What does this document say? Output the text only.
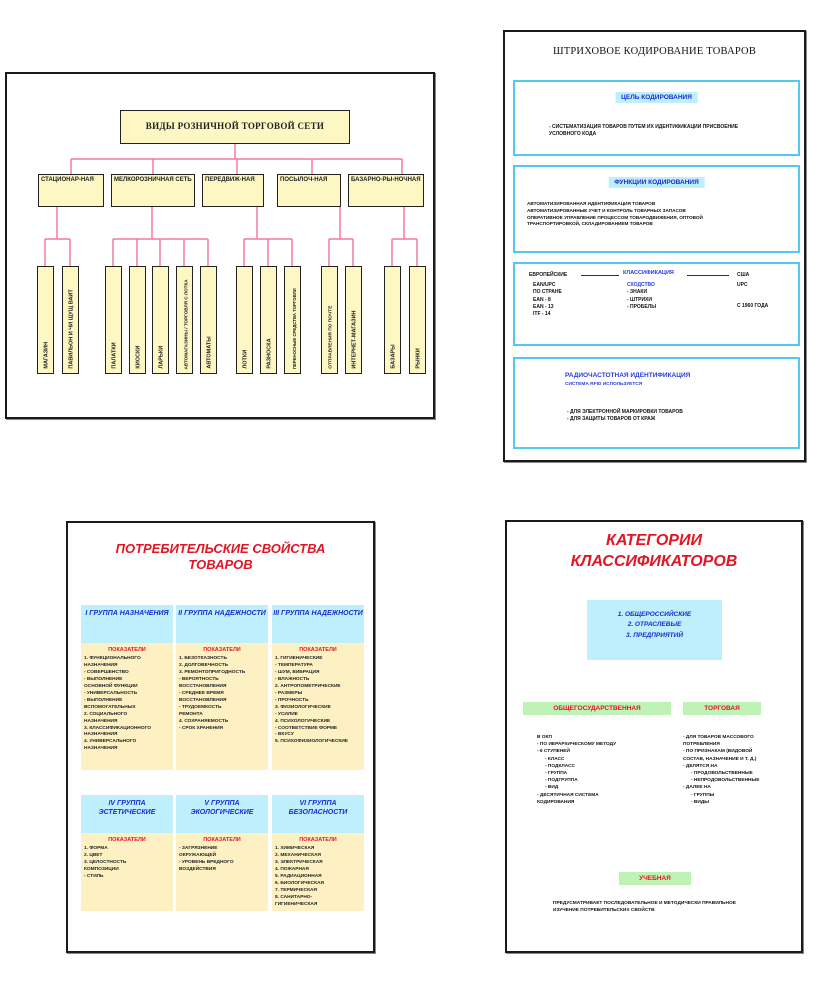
ВИДЫ РОЗНИЧНОЙ ТОРГОВОЙ СЕТИ
СТАЦИОНАР-НАЯ	МЕЛКОРОЗНИЧНАЯ СЕТЬ	ПЕРЕДВИЖ-НАЯ	ПОСЫЛОЧ-НАЯ	БАЗАРНО-РЫ-НОЧНАЯ
МАГАЗИН	ПАВИЛЬОН И ЧИ ЩУЩ ВАИТ	ПАЛАТКИ	КИОСКИ	ЛАРЬКИ	АВТОМАГАЗИНЫ / ТОРГОВЛЯ С ЛОТКА	АВТОМАТЫ	ЛОТКИ	РАЗНОСКА	ПЕРЕНОСНЫЕ СРЕДСТВА ТОРГОВЛИ	ОТПРАВЛЕНИЯ ПО ПОЧТЕ	ИНТЕРНЕТ-МАГАЗИН	БАЗАРЫ	РЫНКИ
ШТРИХОВОЕ КОДИРОВАНИЕ ТОВАРОВ
ЦЕЛЬ КОДИРОВАНИЯ
- СИСТЕМАТИЗАЦИЯ ТОВАРОВ ПУТЕМ ИХ ИДЕНТИФИКАЦИИ ПРИСВОЕНИЕ УСЛОВНОГО КОДА
ФУНКЦИИ КОДИРОВАНИЯ
АВТОМАТИЗИРОВАННАЯ ИДЕНТИФИКАЦИЯ ТОВАРОВ
АВТОМАТИЗИРОВАННЫЕ УЧЕТ И КОНТРОЛЬ ТОВАРНЫХ ЗАПАСОВ
ОПЕРАТИВНОЕ УПРАВЛЕНИЕ ПРОЦЕССОМ ТОВАРОДВИЖЕНИЯ, ОПТОВОЙ
ТРАНСПОРТИРОВКОЙ, СКЛАДИРОВАНИЕМ ТОВАРОВ
ЕВРОПЕЙСКИЕ	КЛАССИФИКАЦИЯ	США
EAN/UPC
ПО СТРАНЕ
EAN - 8
EAN - 13
ITF - 14
СХОДСТВО
- ЗНАКИ
- ШТРИХИ
- ПРОБЕЛЫ
UPC
С 1960 ГОДА
РАДИОЧАСТОТНАЯ ИДЕНТИФИКАЦИЯ
СИСТЕМА RFID ИСПОЛЬЗУЕТСЯ
- ДЛЯ ЭЛЕКТРОННОЙ МАРКИРОВКИ ТОВАРОВ
- ДЛЯ ЗАЩИТЫ ТОВАРОВ ОТ КРАЖ
ПОТРЕБИТЕЛЬСКИЕ СВОЙСТВА
ТОВАРОВ
I ГРУППА НАЗНАЧЕНИЯ
ПОКАЗАТЕЛИ
1. ФУНКЦИОНАЛЬНОГО НАЗНАЧЕНИЯ
- СОВЕРШЕНСТВО
- ВЫПОЛНЕНИЕ
ОСНОВНОЙ ФУНКЦИИ
- УНИВЕРСАЛЬНОСТЬ
- ВЫПОЛНЕНИЕ
ВСПОМОГАТЕЛЬНЫХ
2. СОЦИАЛЬНОГО
НАЗНАЧЕНИЯ
3. КЛАССИФИКАЦИОННОГО
НАЗНАЧЕНИЯ
4. УНИВЕРСАЛЬНОГО
НАЗНАЧЕНИЯ
II ГРУППА НАДЕЖНОСТИ
ПОКАЗАТЕЛИ
1. БЕЗОТКАЗНОСТЬ
2. ДОЛГОВЕЧНОСТЬ
3. РЕМОНТОПРИГОДНОСТЬ
- ВЕРОЯТНОСТЬ
ВОССТАНОВЛЕНИЯ
- СРЕДНЕЕ ВРЕМЯ
ВОССТАНОВЛЕНИЯ
- ТРУДОЕМКОСТЬ
РЕМОНТА
4. СОХРАНЯЕМОСТЬ
- СРОК ХРАНЕНИЯ
III ГРУППА НАДЕЖНОСТИ
ПОКАЗАТЕЛИ
1. ГИГИЕНИЧЕСКИЕ
- ТЕМПЕРАТУРА
- ШУМ, ВИБРАЦИЯ
- ВЛАЖНОСТЬ
2. АНТРОПОМЕТРИЧЕСКИЕ
- РАЗМЕРЫ
- ПРОЧНОСТЬ
3. ФИЗИОЛОГИЧЕСКИЕ
- УСИЛИЕ
4. ПСИХОЛОГИЧЕСКИЕ
- СООТВЕТСТВИЕ ФОРМЕ
- ВКУСУ
5. ПСИХОФИЗИОЛОГИЧЕСКИЕ
IV ГРУППА ЭСТЕТИЧЕСКИЕ
ПОКАЗАТЕЛИ
1. ФОРМА
2. ЦВЕТ
3. ЦЕЛОСТНОСТЬ
КОМПОЗИЦИИ
- СТИЛЬ
V ГРУППА ЭКОЛОГИЧЕСКИЕ
ПОКАЗАТЕЛИ
- ЗАГРЯЗНЕНИЕ
ОКРУЖАЮЩЕЙ
- УРОВЕНЬ ВРЕДНОГО
ВОЗДЕЙСТВИЯ
VI ГРУППА БЕЗОПАСНОСТИ
ПОКАЗАТЕЛИ
1. ХИМИЧЕСКАЯ
2. МЕХАНИЧЕСКАЯ
3. ЭЛЕКТРИЧЕСКАЯ
4. ПОЖАРНАЯ
5. РАДИАЦИОННАЯ
6. БИОЛОГИЧЕСКАЯ
7. ТЕРМИЧЕСКАЯ
8. САНИТАРНО-
ГИГИЕНИЧЕСКАЯ
КАТЕГОРИИ
КЛАССИФИКАТОРОВ
1. ОБЩЕРОССИЙСКИЕ
2. ОТРАСЛЕВЫЕ
3. ПРЕДПРИЯТИЙ
ОБЩЕГОСУДАРСТВЕННАЯ	ТОРГОВАЯ
В ОКП
- ПО ИЕРАРХИЧЕСКОМУ МЕТОДУ
- 6 СТУПЕНЕЙ
- КЛАСС
- ПОДКЛАСС
- ГРУППА
- ПОДГРУППА
- ВИД
- ДЕСЯТИЧНАЯ СИСТЕМА
КОДИРОВАНИЯ
- ДЛЯ ТОВАРОВ МАССОВОГО
ПОТРЕБЛЕНИЯ
- ПО ПРИЗНАКАМ (ВИДОВОЙ
СОСТАВ, НАЗНАЧЕНИЕ И Т. Д.)
- ДЕЛЯТСЯ НА
- ПРОДОВОЛЬСТВЕННЫЕ
- НЕПРОДОВОЛЬСТВЕННЫЕ
- ДАЛЕЕ НА
- ГРУППЫ
- ВИДЫ
УЧЕБНАЯ
ПРЕДУСМАТРИВАЕТ ПОСЛЕДОВАТЕЛЬНОЕ И МЕТОДИЧЕСКИ ПРАВИЛЬНОЕ ИЗУЧЕНИЕ ПОТРЕБИТЕЛЬСКИХ СВОЙСТВ
